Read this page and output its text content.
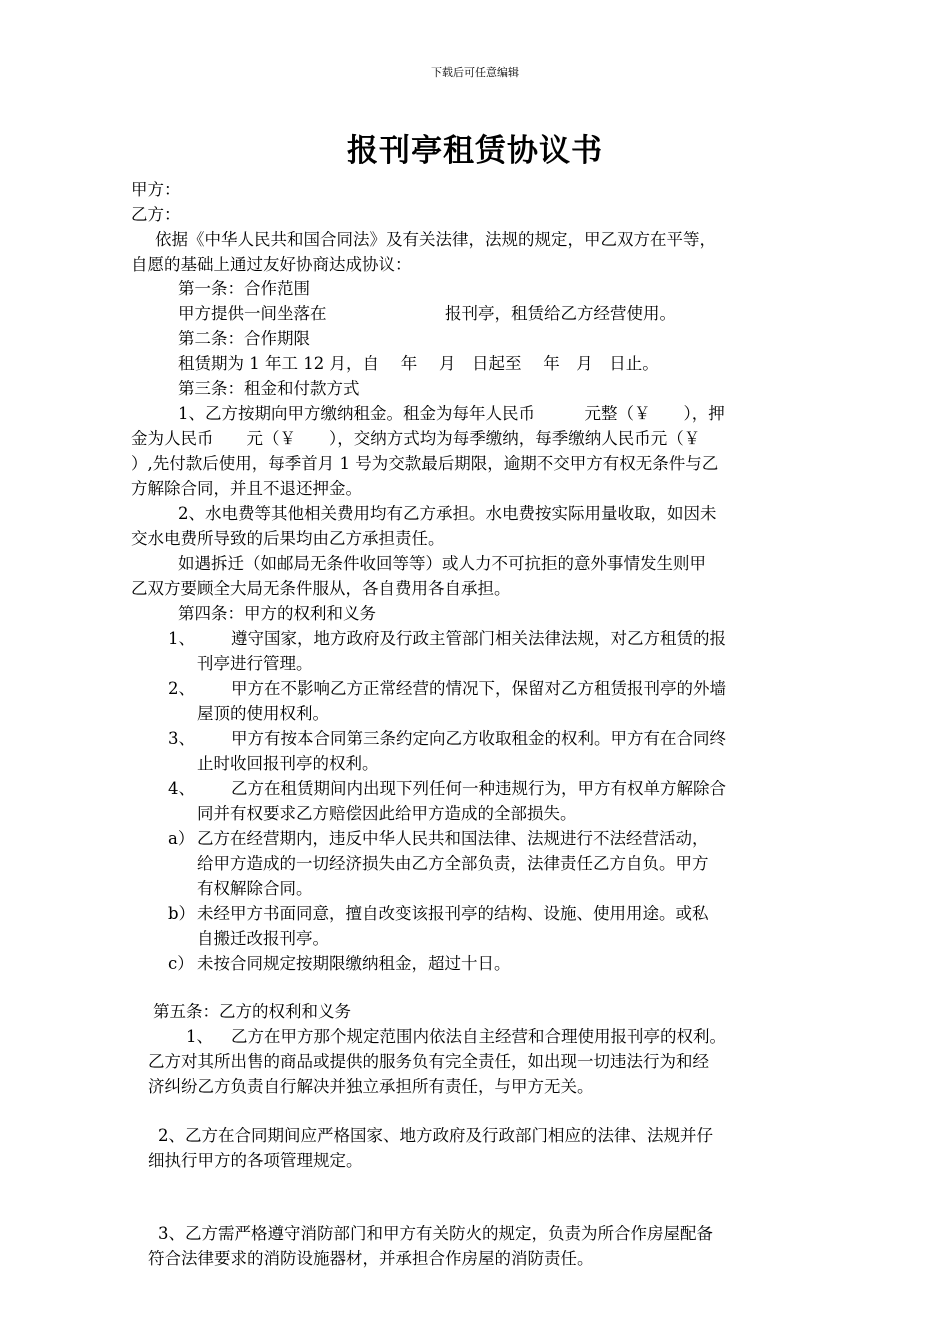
下载后可任意编辑
报刊亭租赁协议书
甲方：
乙方：
依据《中华人民共和国合同法》及有关法律，法规的规定，甲乙双方在平等，
自愿的基础上通过友好协商达成协议：
第一条：合作范围
甲方提供一间坐落在	报刊亭，租赁给乙方经营使用。
第二条：合作期限
租赁期为 1 年工 12 月，自　 年　 月　日起至　 年　月　日止。
第三条：租金和付款方式
1、乙方按期向甲方缴纳租金。租金为每年人民币　　　元整（￥　　），押
金为人民币　　元（￥　　），交纳方式均为每季缴纳，每季缴纳人民币元（￥
）,先付款后使用，每季首月 1 号为交款最后期限，逾期不交甲方有权无条件与乙
方解除合同，并且不退还押金。
2、水电费等其他相关费用均有乙方承担。水电费按实际用量收取，如因未
交水电费所导致的后果均由乙方承担责任。
如遇拆迁（如邮局无条件收回等等）或人力不可抗拒的意外事情发生则甲
乙双方要顾全大局无条件服从，各自费用各自承担。
第四条：甲方的权利和义务
1、 遵守国家，地方政府及行政主管部门相关法律法规，对乙方租赁的报
刊亭进行管理。
2、 甲方在不影响乙方正常经营的情况下，保留对乙方租赁报刊亭的外墙
屋顶的使用权利。
3、 甲方有按本合同第三条约定向乙方收取租金的权利。甲方有在合同终
止时收回报刊亭的权利。
4、 乙方在租赁期间内出现下列任何一种违规行为，甲方有权单方解除合
同并有权要求乙方赔偿因此给甲方造成的全部损失。
a） 乙方在经营期内，违反中华人民共和国法律、法规进行不法经营活动，
给甲方造成的一切经济损失由乙方全部负责，法律责任乙方自负。甲方
有权解除合同。
b） 未经甲方书面同意，擅自改变该报刊亭的结构、设施、使用用途。或私
自搬迁改报刊亭。
c） 未按合同规定按期限缴纳租金，超过十日。
第五条：乙方的权利和义务
1、 乙方在甲方那个规定范围内依法自主经营和合理使用报刊亭的权利。
乙方对其所出售的商品或提供的服务负有完全责任，如出现一切违法行为和经
济纠纷乙方负责自行解决并独立承担所有责任，与甲方无关。
2、乙方在合同期间应严格国家、地方政府及行政部门相应的法律、法规并仔
细执行甲方的各项管理规定。
3、乙方需严格遵守消防部门和甲方有关防火的规定，负责为所合作房屋配备
符合法律要求的消防设施器材，并承担合作房屋的消防责任。
